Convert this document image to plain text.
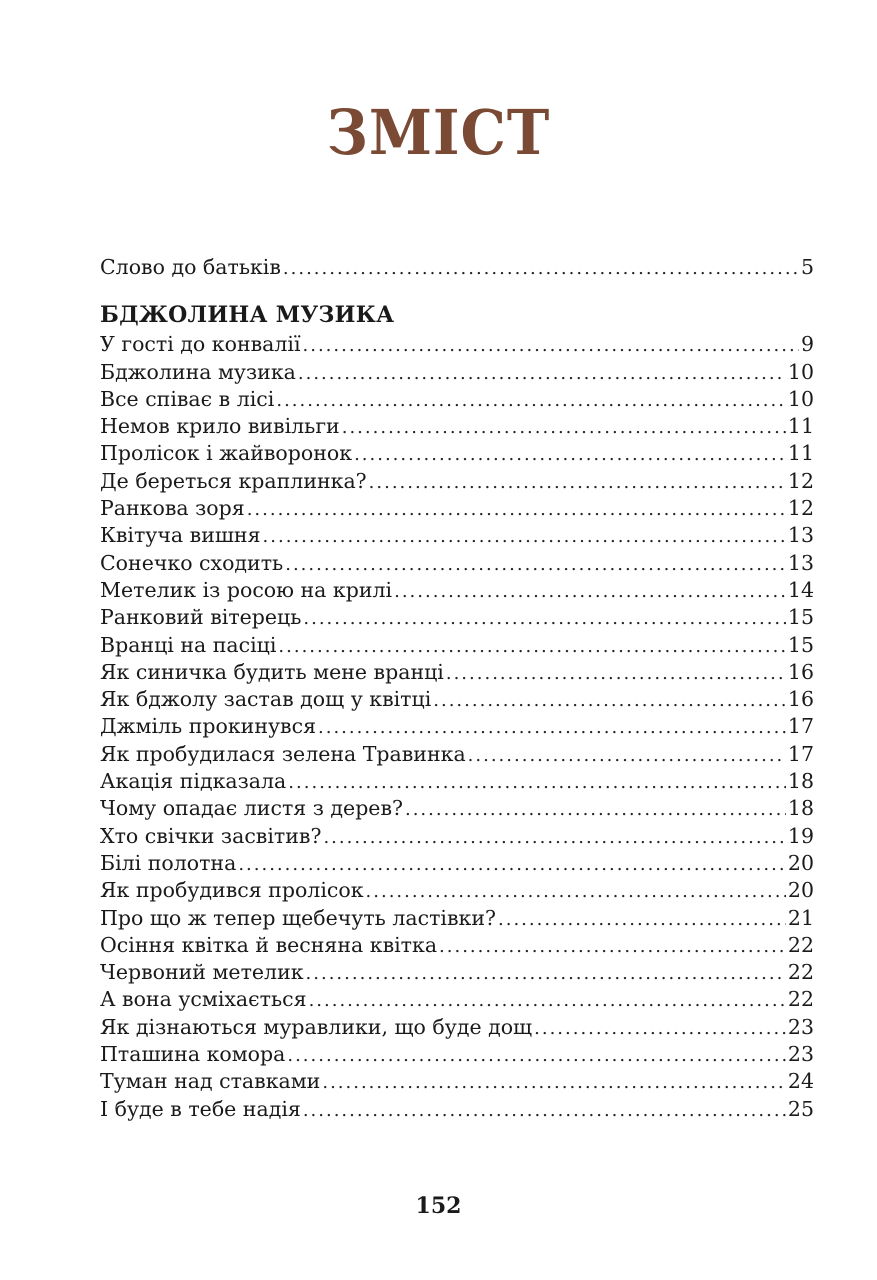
ЗМІСТ
Слово до батьків .....	5
БДЖОЛИНА МУЗИКА
У гості до конвалії .....	9
Бджолина музика .....	10
Все співає в лісі .....	10
Немов крило вивільги .....	11
Пролісок і жайворонок .....	11
Де береться краплинка? .....	12
Ранкова зоря .....	12
Квітуча вишня .....	13
Сонечко сходить .....	13
Метелик із росою на крилі .....	14
Ранковий вітерець .....	15
Вранці на пасіці .....	15
Як синичка будить мене вранці .....	16
Як бджолу застав дощ у квітці .....	16
Джміль прокинувся .....	17
Як пробудилася зелена Травинка .....	17
Акація підказала .....	18
Чому опадає листя з дерев? .....	18
Хто свічки засвітив? .....	19
Білі полотна .....	20
Як пробудився пролісок .....	20
Про що ж тепер щебечуть ластівки? .....	21
Осіння квітка й весняна квітка .....	22
Червоний метелик .....	22
А вона усміхається .....	22
Як дізнаються муравлики, що буде дощ .....	23
Пташина комора .....	23
Туман над ставками .....	24
І буде в тебе надія .....	25
152
